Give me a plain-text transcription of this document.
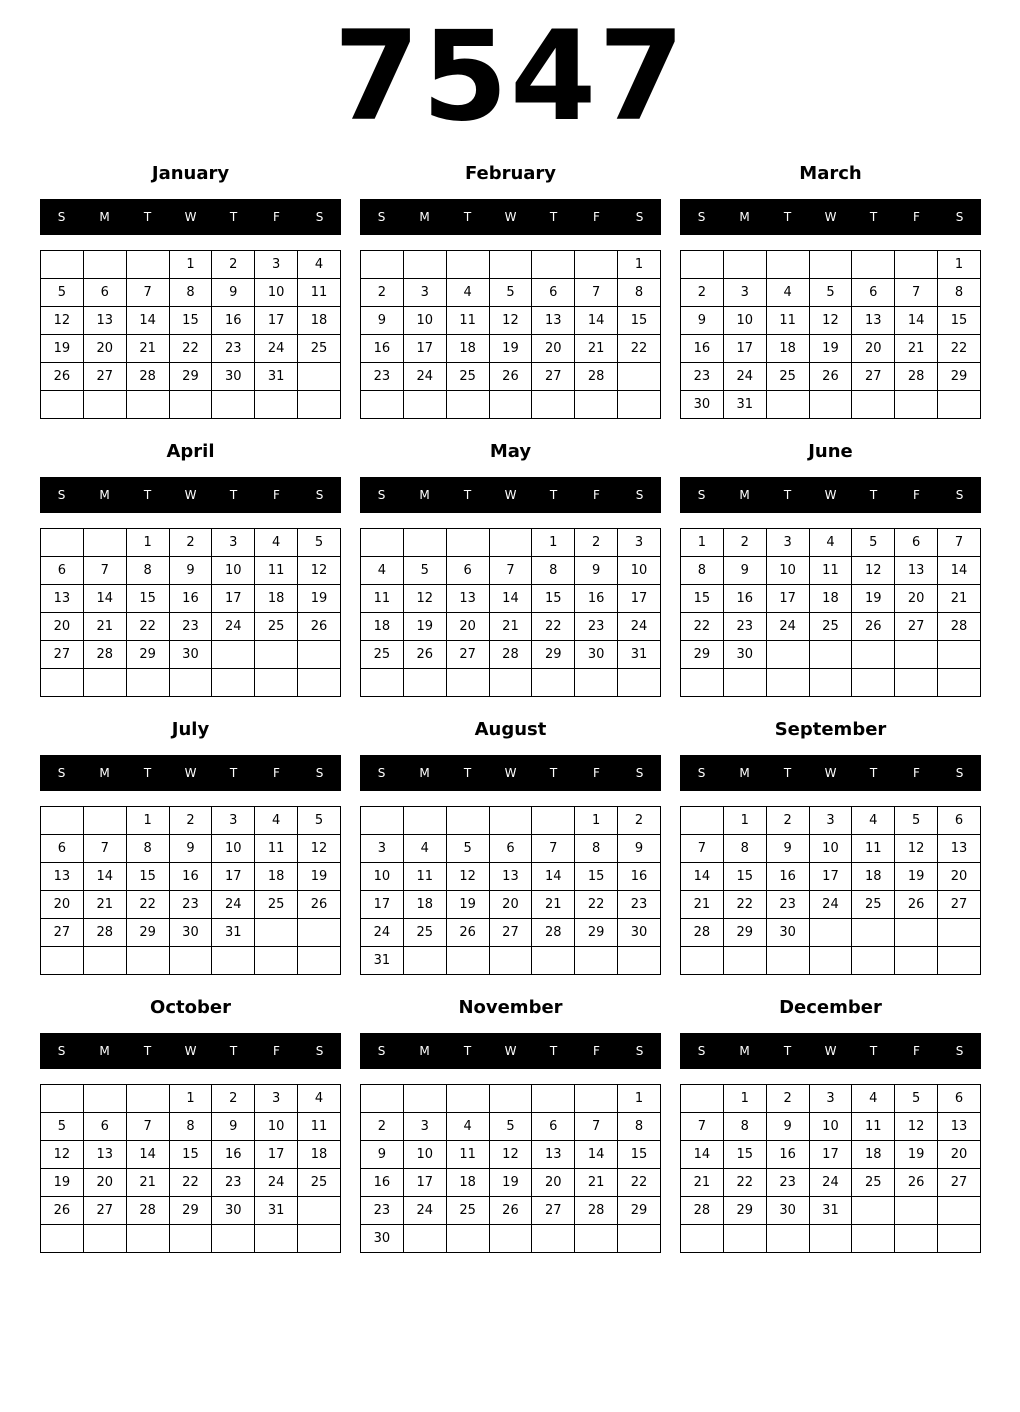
7547
January
S	M	T	W	T	F	S
			1	2	3	4
5	6	7	8	9	10	11
12	13	14	15	16	17	18
19	20	21	22	23	24	25
26	27	28	29	30	31	

February
S	M	T	W	T	F	S
						1
2	3	4	5	6	7	8
9	10	11	12	13	14	15
16	17	18	19	20	21	22
23	24	25	26	27	28	

March
S	M	T	W	T	F	S
						1
2	3	4	5	6	7	8
9	10	11	12	13	14	15
16	17	18	19	20	21	22
23	24	25	26	27	28	29
30	31					
April
S	M	T	W	T	F	S
		1	2	3	4	5
6	7	8	9	10	11	12
13	14	15	16	17	18	19
20	21	22	23	24	25	26
27	28	29	30			

May
S	M	T	W	T	F	S
				1	2	3
4	5	6	7	8	9	10
11	12	13	14	15	16	17
18	19	20	21	22	23	24
25	26	27	28	29	30	31

June
S	M	T	W	T	F	S
1	2	3	4	5	6	7
8	9	10	11	12	13	14
15	16	17	18	19	20	21
22	23	24	25	26	27	28
29	30					

July
S	M	T	W	T	F	S
		1	2	3	4	5
6	7	8	9	10	11	12
13	14	15	16	17	18	19
20	21	22	23	24	25	26
27	28	29	30	31		

August
S	M	T	W	T	F	S
					1	2
3	4	5	6	7	8	9
10	11	12	13	14	15	16
17	18	19	20	21	22	23
24	25	26	27	28	29	30
31						
September
S	M	T	W	T	F	S
	1	2	3	4	5	6
7	8	9	10	11	12	13
14	15	16	17	18	19	20
21	22	23	24	25	26	27
28	29	30				

October
S	M	T	W	T	F	S
			1	2	3	4
5	6	7	8	9	10	11
12	13	14	15	16	17	18
19	20	21	22	23	24	25
26	27	28	29	30	31	

November
S	M	T	W	T	F	S
						1
2	3	4	5	6	7	8
9	10	11	12	13	14	15
16	17	18	19	20	21	22
23	24	25	26	27	28	29
30						
December
S	M	T	W	T	F	S
	1	2	3	4	5	6
7	8	9	10	11	12	13
14	15	16	17	18	19	20
21	22	23	24	25	26	27
28	29	30	31			
